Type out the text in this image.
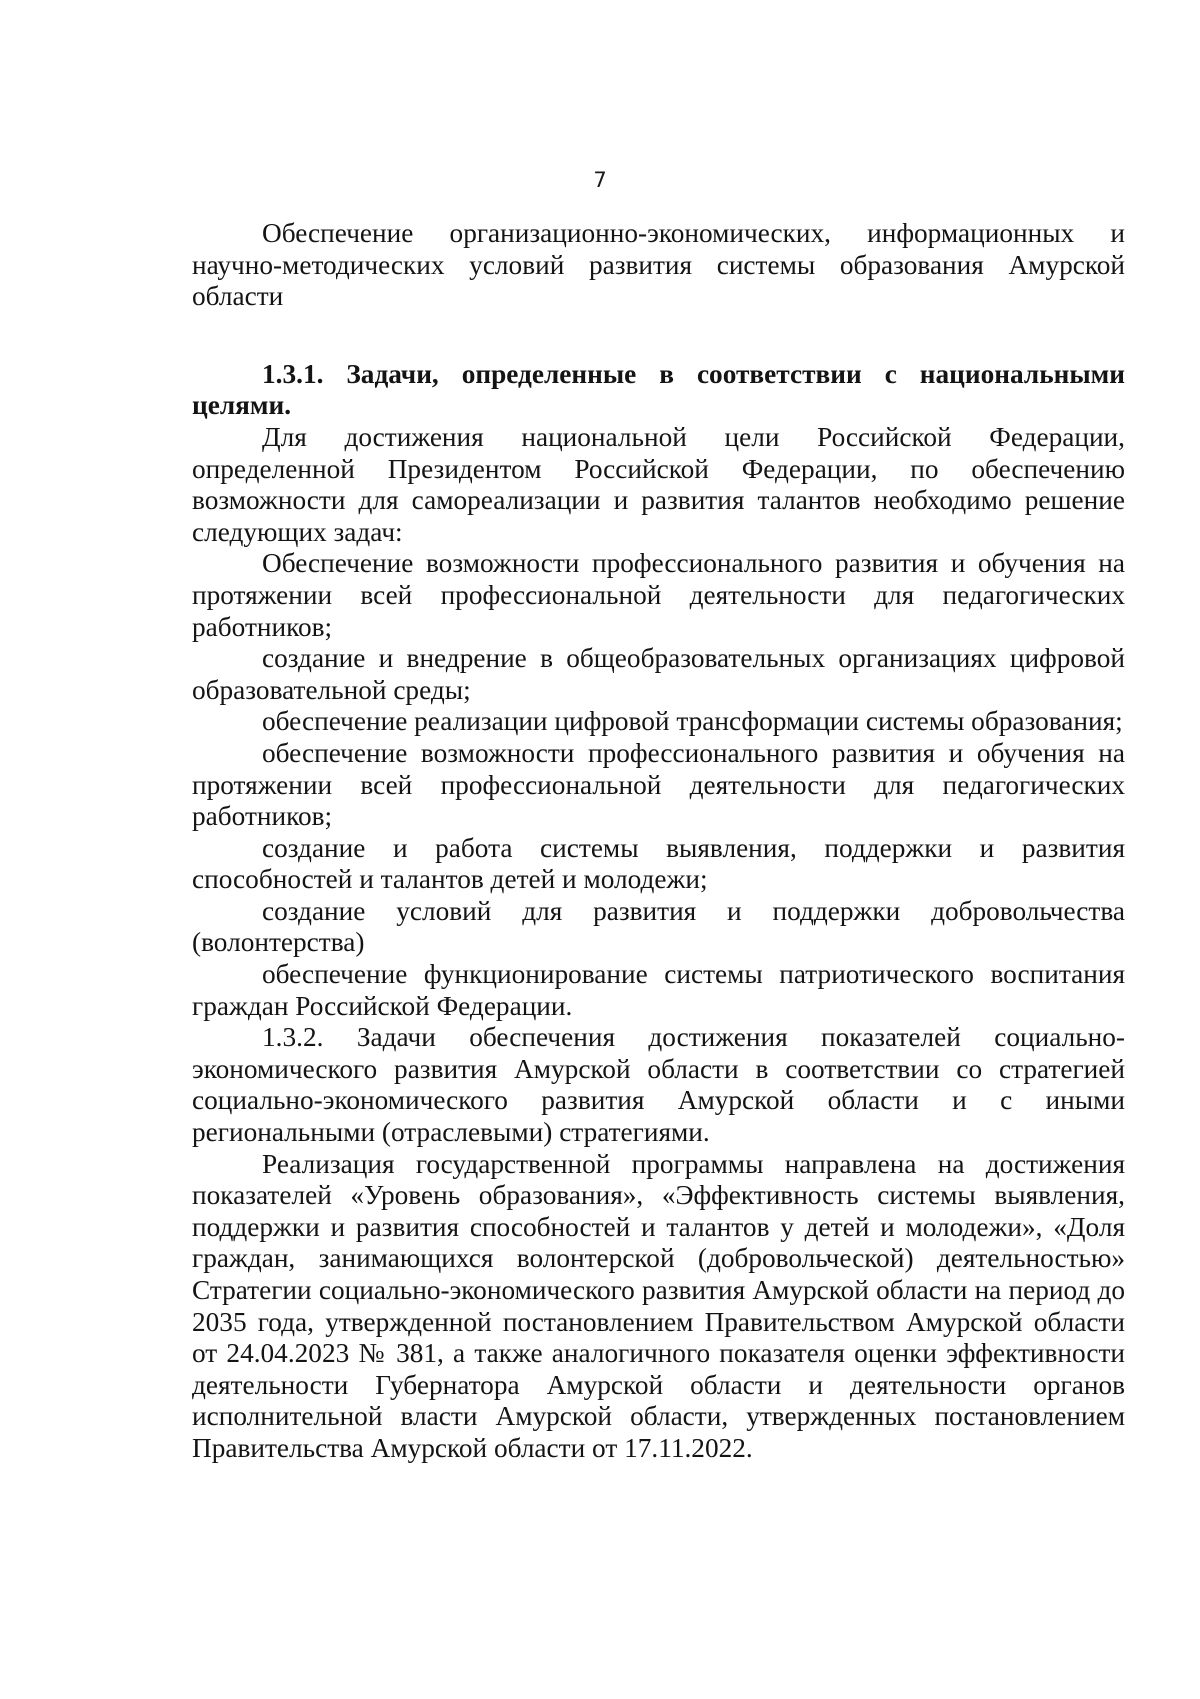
7

Обеспечение организационно-экономических, информационных и научно-методических условий развития системы образования Амурской области

1.3.1. Задачи, определенные в соответствии с национальными целями.

Для достижения национальной цели Российской Федерации, определенной Президентом Российской Федерации, по обеспечению возможности для самореализации и развития талантов необходимо решение следующих задач:

Обеспечение возможности профессионального развития и обучения на протяжении всей профессиональной деятельности для педагогических работников;

создание и внедрение в общеобразовательных организациях цифровой образовательной среды;

обеспечение реализации цифровой трансформации системы образования;

обеспечение возможности профессионального развития и обучения на протяжении всей профессиональной деятельности для педагогических работников;

создание и работа системы выявления, поддержки и развития способностей и талантов детей и молодежи;

создание условий для развития и поддержки добровольчества (волонтерства)

обеспечение функционирование системы патриотического воспитания граждан Российской Федерации.

1.3.2. Задачи обеспечения достижения показателей социально-экономического развития Амурской области в соответствии со стратегией социально-экономического развития Амурской области и с иными региональными (отраслевыми) стратегиями.

Реализация государственной программы направлена на достижения показателей «Уровень образования», «Эффективность системы выявления, поддержки и развития способностей и талантов у детей и молодежи», «Доля граждан, занимающихся волонтерской (добровольческой) деятельностью» Стратегии социально-экономического развития Амурской области на период до 2035 года, утвержденной постановлением Правительством Амурской области от 24.04.2023 № 381, а также аналогичного показателя оценки эффективности деятельности Губернатора Амурской области и деятельности органов исполнительной власти Амурской области, утвержденных постановлением Правительства Амурской области от 17.11.2022.
